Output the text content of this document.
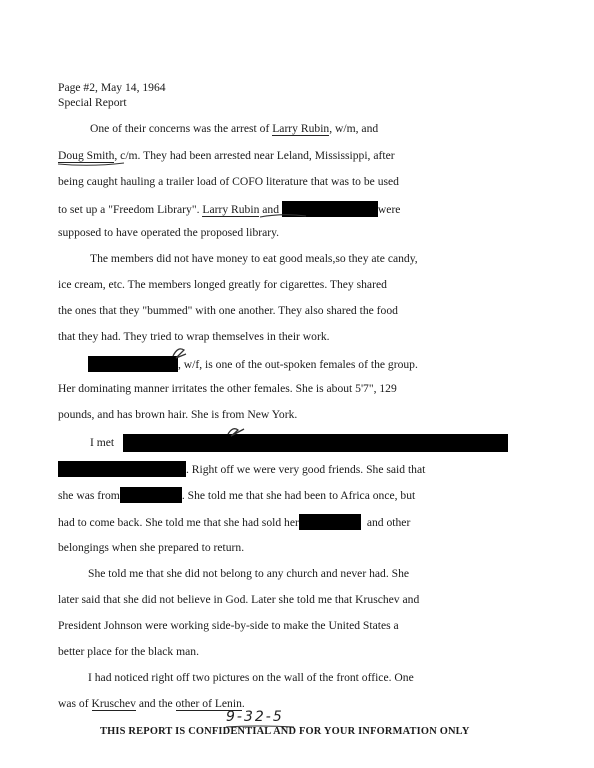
Page #2, May 14, 1964
Special Report
One of their concerns was the arrest of Larry Rubin, w/m, and
Doug Smith, c/m. They had been arrested near Leland, Mississippi, after
being caught hauling a trailer load of COFO literature that was to be used
to set up a "Freedom Library". Larry Rubin and	were
supposed to have operated the proposed library.
The members did not have money to eat good meals,so they ate candy,
ice cream, etc. The members longed greatly for cigarettes. They shared
the ones that they "bummed" with one another. They also shared the food
that they had. They tried to wrap themselves in their work.
, w/f, is one of the out-spoken females of the group.
Her dominating manner irritates the other females. She is about 5'7", 129
pounds, and has brown hair. She is from New York.
I met
. Right off we were very good friends. She said that
she was from	. She told me that she had been to Africa once, but
had to come back. She told me that she had sold her	and other
belongings when she prepared to return.
She told me that she did not belong to any church and never had. She
later said that she did not believe in God. Later she told me that Kruschev and
President Johnson were working side-by-side to make the United States a
better place for the black man.
I had noticed right off two pictures on the wall of the front office. One
was of Kruschev and the other of Lenin.
9-32-5
THIS REPORT IS CONFIDENTIAL AND FOR YOUR INFORMATION ONLY
